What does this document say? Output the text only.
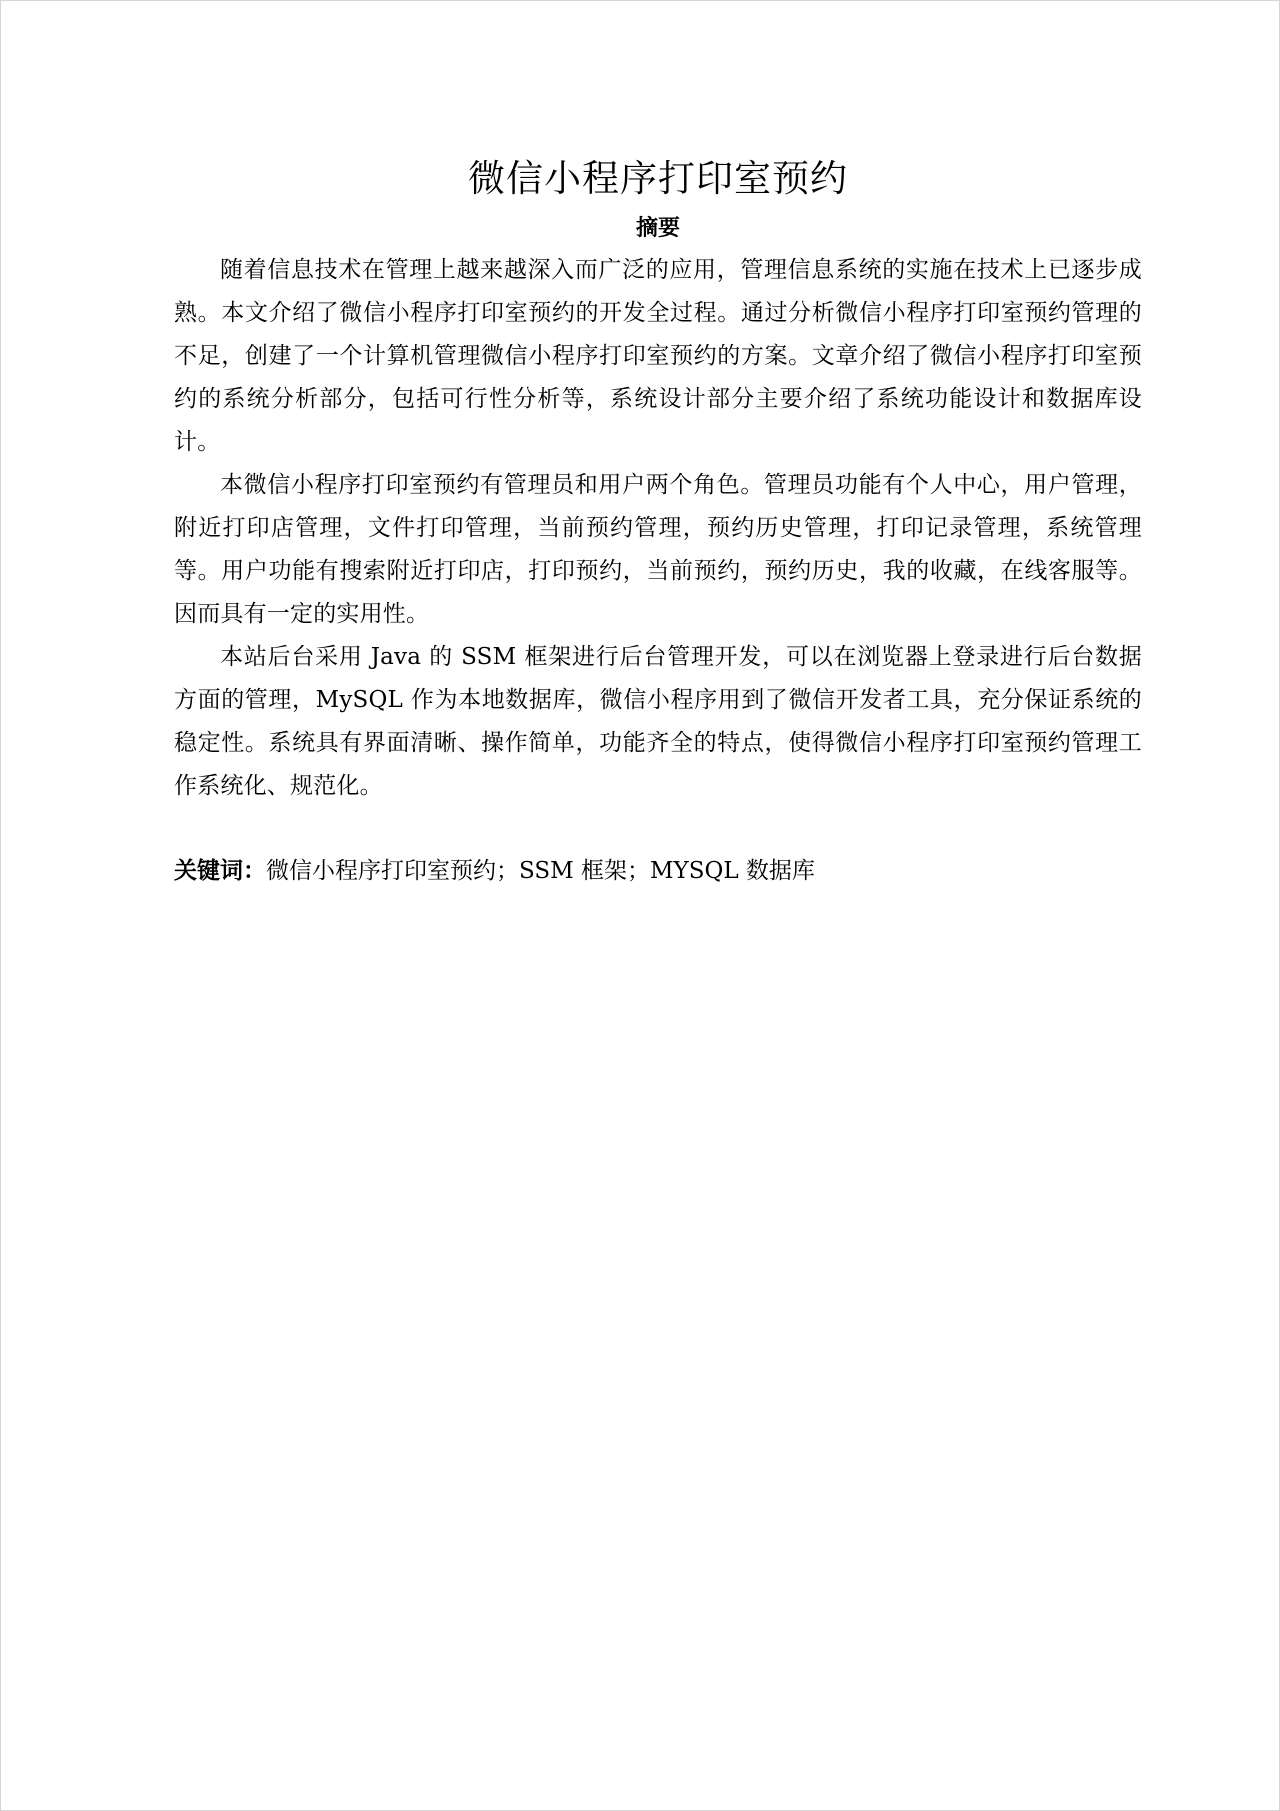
微信小程序打印室预约
摘要

随着信息技术在管理上越来越深入而广泛的应用，管理信息系统的实施在技术上已逐步成熟。本文介绍了微信小程序打印室预约的开发全过程。通过分析微信小程序打印室预约管理的不足，创建了一个计算机管理微信小程序打印室预约的方案。文章介绍了微信小程序打印室预约的系统分析部分，包括可行性分析等，系统设计部分主要介绍了系统功能设计和数据库设计。

本微信小程序打印室预约有管理员和用户两个角色。管理员功能有个人中心，用户管理，附近打印店管理，文件打印管理，当前预约管理，预约历史管理，打印记录管理，系统管理等。用户功能有搜索附近打印店，打印预约，当前预约，预约历史，我的收藏，在线客服等。因而具有一定的实用性。

本站后台采用 Java 的 SSM 框架进行后台管理开发，可以在浏览器上登录进行后台数据方面的管理，MySQL 作为本地数据库，微信小程序用到了微信开发者工具，充分保证系统的稳定性。系统具有界面清晰、操作简单，功能齐全的特点，使得微信小程序打印室预约管理工作系统化、规范化。

关键词：微信小程序打印室预约；SSM 框架；MYSQL 数据库
